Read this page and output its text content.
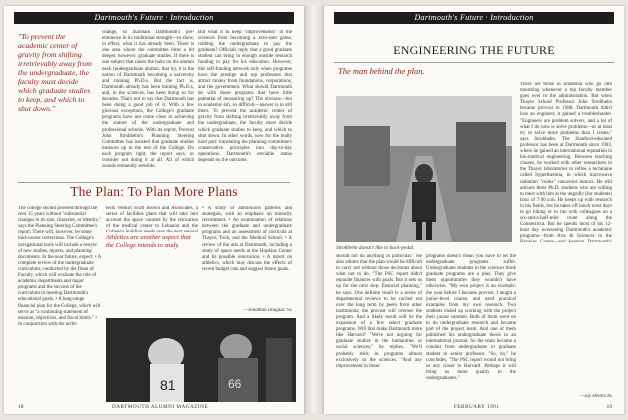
Dartmouth's Future · Introduction
"To prevent the academic center of gravity from shifting irretrievably away from the undergraduate, the faculty must decide which graduate studies to keep, and which to shut down."
change, to maintain Dartmouth's pre-eminence in its traditional strength—to show, in effect, what it has already been. There is one area where the committee bites a bit deeper, however: graduate studies. If there is one subject that raises the hairs on the alumni neck (undergraduate alumni, that is), it is the notion of Dartmouth becoming a university and training Ph.D.s. But the fact is, Dartmouth already has been training Ph.D.s, and, in the sciences, has been doing so for decades. That's not to say that Dartmouth has been doing a good job of it. With a few glorious exceptions, the College's graduate programs have not come close to achieving the stature of the undergraduate and professional schools. With its report, Provost John Strohbehn's Planning Steering Committee has insisted that graduate studies measure up to the rest of the College. Do each program right, the report says, or consider not doing it at all. All of which sounds eminently sensible.
But what it to keep "improvements" in the sciences from becoming a zero-sum game, robbing the undergraduate to pay the graduate? Officials reply that a good graduate student can bring in enough outside research funding to pay for his education. However, this self-funding network only when programs have the prestige and top professors that attract money from foundations, corporations, and the government. What should Dartmouth do with those programs that have little potential of measuring up? The obvious—but in academic-ish, so difficult—answer is to kill them. To prevent the academic center of gravity from shifting irretrievably away from the undergraduate, the faculty must decide which graduate studies to keep, and which to shut down. In other words, now for the really hard part: translating the planning committee's conservative principles into day-to-day operations. Dartmouth's enviable status depends on the outcome.
The Plan: To Plan More Plans
The college should proceed through the next 15 years without "substantial changes in its size, character, or identity," says the Planning Steering Committee's report. There will, however, be some mid-course corrections. The College's navigational tools will include a restyle of new studies, reports, and planning documents. In the near future, expect: • A complete review of the undergraduate curriculum, conducted by the Dean of Faculty, which will evaluate the role of academic departments and major programs and the success of the curriculum in meeting Dartmouth's educational goals. • A long-range financial plan for the College, which will serve as "a continuing statement of mission, objectives, and fiscal limits." • In conjunction with the archi-
tects Venturi Scott Brown and Associates, a series of facilities plans that will take into account the space vacated by the relocation of the medical center to Lebanon and the
Athletics are another aspect that the College intends to study.
• A study of admissions patterns and strategies, with an emphasis on minority recruitment. • An examination of relations between the graduate and undergraduate programs and an assessment of curricula at Thayer, Tuck, and the Medical School. • A review of the arts at Dartmouth, including a study of space needs at the Hopkins Center and its possible renovation. • A report on athletics, which may discuss the effects of recent budget cuts and suggest future goals.
—Jonathan Douglas '92
81	66
18	DARTMOUTH ALUMNI MAGAZINE
Dartmouth's Future · Introduction
ENGINEERING THE FUTURE
The man behind the plan.
Strohbehn doesn't like to back-pedal.
There are those in academia who go into mourning whenever a top faculty member goes over to the administration. But when Thayer School Professor John Strohbehn became provost in 1988, Dartmouth didn't lose an engineer, it gained a troubleshooter. "Engineers are problem solvers, and a lot of what I do now is solve problems—or at least try to solve more problems than I create," says Strohbehn. The Stanford-educated professor has been at Dartmouth since 1963, where he gained an international reputation in bio-medical engineering. Between teaching classes, he worked with other researchers in the Thayer laboratories to refine a technique called hyperthermia, in which microwave radiation "cooks" cancerous tumors. He still advises three Ph.D. students who are willing to meet with him at the ungodly (for students) hour of 7:00 a.m. He keeps up with research in his fields, but he takes off lunch most days to go hiking or to run with colleagues on a six-and-a-half-mile route along the Connecticut. But he spends most of his 12-hour day overseeing Dartmouth's academic programs—from Arts & Sciences to the
should not do anything in particular." He also admits that the plan would be difficult to carry out without those decisions about what not to do. "The PSC report didn't separate finances with goals. But it sets us up for the next step: financial planning," he says. One definite result is a series of departmental reviews to be carried out over the long term by peers from other institutions; the provost will oversee the program. And a likely result will be the expansion of a few select graduate programs. Will that make Dartmouth more like Harvard? "We're not arguing for graduate studies in the humanities or social sciences," he replies. "We'll probably stick in programs almost exclusively in the sciences. "And any improvement in those
programs doesn't mean you have to let the undergraduate programs suffer. Undergraduate students in the sciences think graduate programs are a plus. They give them opportunities they wouldn't have otherwise. "My own project is an example: the year before I became provost, I taught a junior-level course, and used practical examples from my own research. Two students ended up working with the project their junior summer. Both of them went on to do undergraduate research and became part of the project team. And one of them published his undergraduate thesis in an international journal. So the team became a conduit from undergraduate to graduate student to senior professor. "So, no," he concludes, "The PSC report would not bring us any closer to Harvard. Perhaps it will bring us more quality to the undergraduates."
—Jay Heinrichs
FEBRUARY 1991	19
